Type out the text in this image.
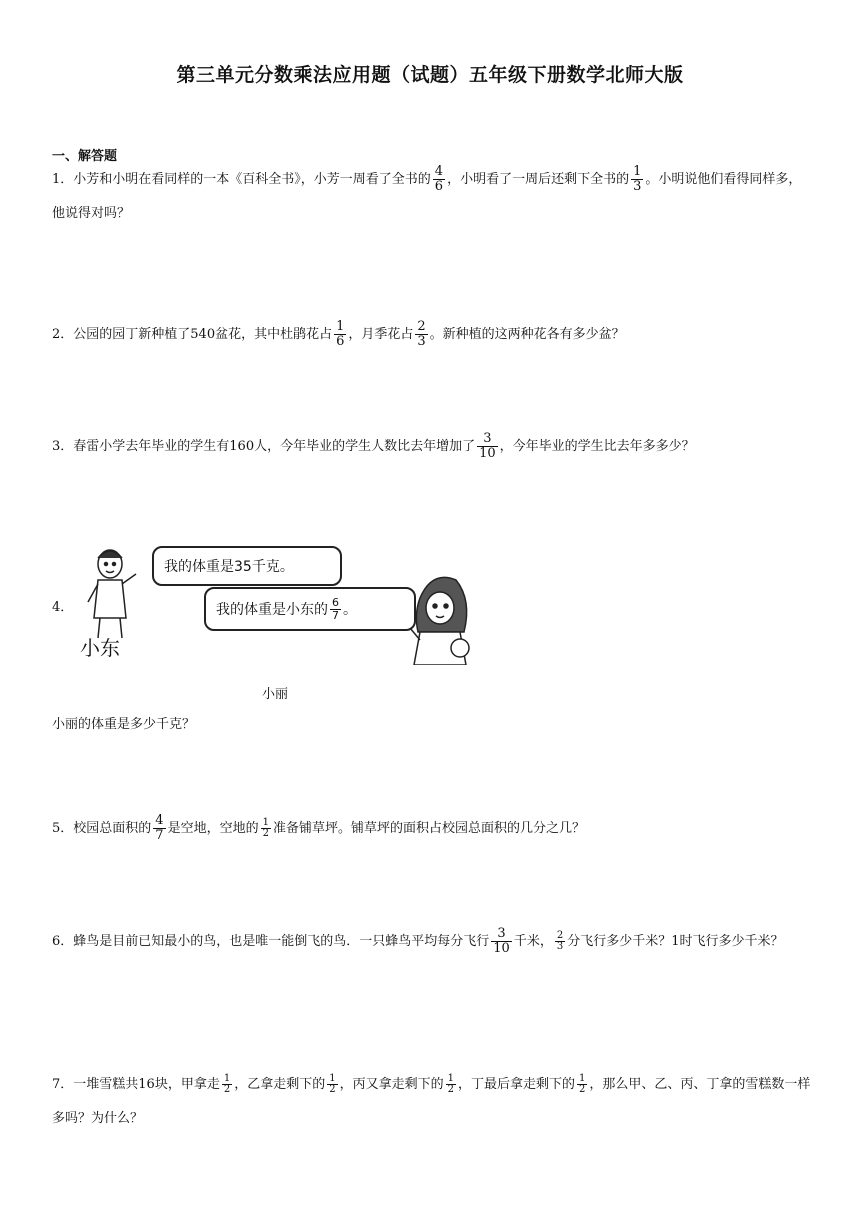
第三单元分数乘法应用题（试题）五年级下册数学北师大版
一、解答题
1．小芳和小明在看同样的一本《百科全书》，小芳一周看了全书的 $\frac{4}{6}$ ，小明看了一周后还剩下全书的 $\frac{1}{3}$ 。小明说他们看得同样多，他说得对吗？
2．公园的园丁新种植了540盆花，其中杜鹃花占 $\frac{1}{6}$ ，月季花占 $\frac{2}{3}$ 。新种植的这两种花各有多少盆？
3．春雷小学去年毕业的学生有160人，今年毕业的学生人数比去年增加了 $\frac{3}{10}$ ，今年毕业的学生比去年多多少？
4．
我的体重是35千克。
我的体重是小东的 $\frac{6}{7}$ 。
小东
小丽
小丽的体重是多少千克？
5．校园总面积的 $\frac{4}{7}$ 是空地，空地的 $\frac{1}{2}$ 准备铺草坪。铺草坪的面积占校园总面积的几分之几？
6．蜂鸟是目前已知最小的鸟，也是唯一能倒飞的鸟．一只蜂鸟平均每分飞行 $\frac{3}{10}$ 千米， $\frac{2}{3}$ 分飞行多少千米？1时飞行多少千米？
7．一堆雪糕共16块，甲拿走 $\frac{1}{2}$ ，乙拿走剩下的 $\frac{1}{2}$ ，丙又拿走剩下的 $\frac{1}{2}$ ，丁最后拿走剩下的 $\frac{1}{2}$ ，那么甲、乙、丙、丁拿的雪糕数一样多吗？为什么？
